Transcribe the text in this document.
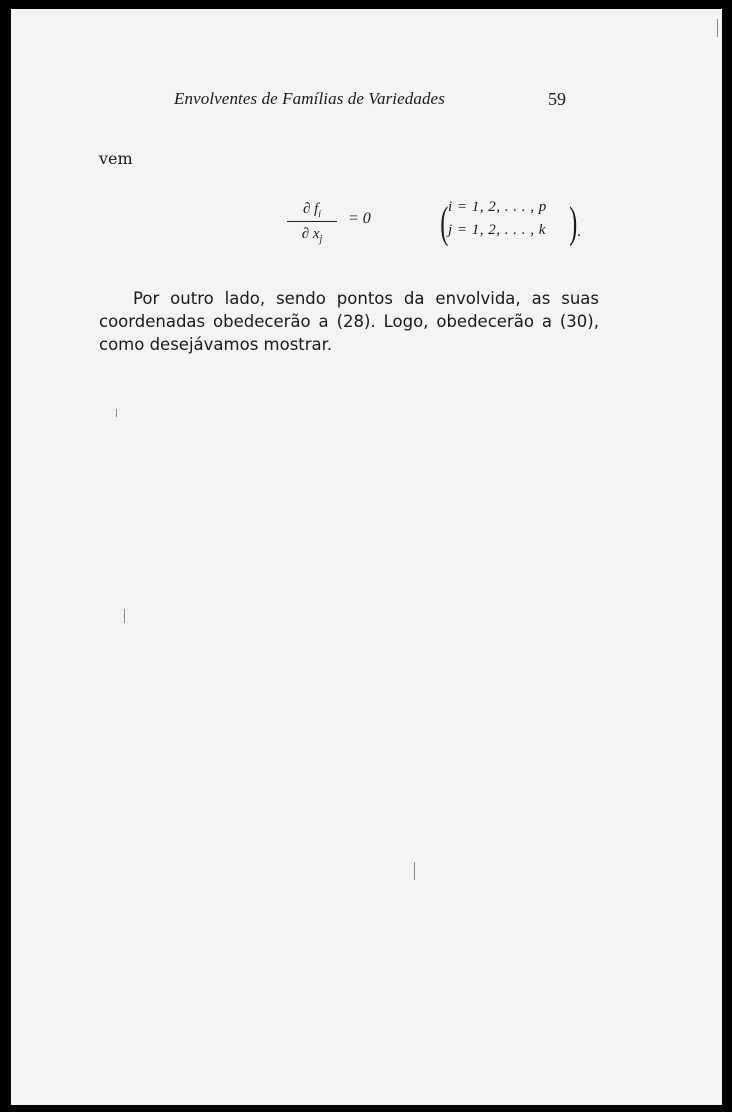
Envolventes de Famílias de Variedades	59
vem
∂ $f_i$
∂ $x_j$
= 0 ( i = 1, 2, . . . , p
j = 1, 2, . . . , k ) .
Por outro lado, sendo pontos da envolvida, as suas
coordenadas obedecerão a (28). Logo, obedecerão a (30),
como desejávamos mostrar.
